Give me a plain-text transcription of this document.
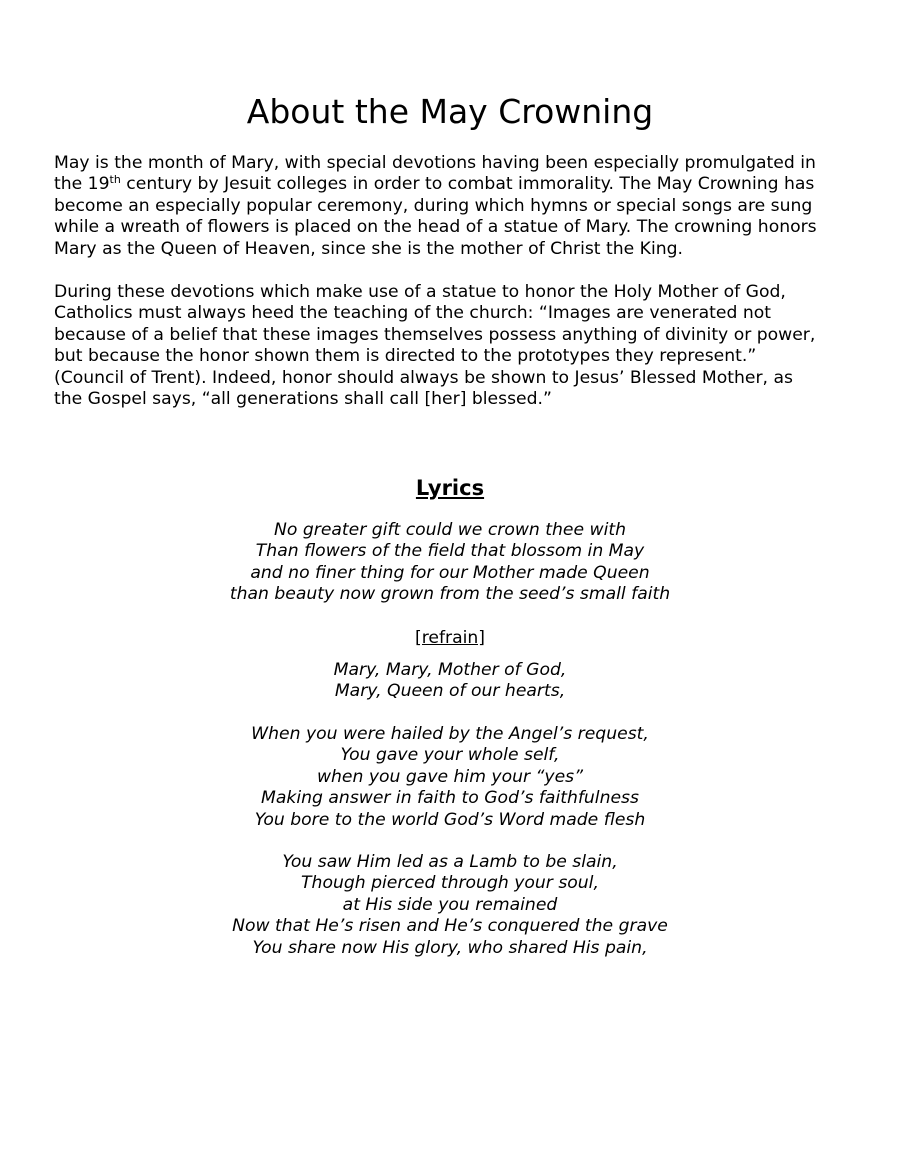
About the May Crowning

May is the month of Mary, with special devotions having been especially promulgated in
the 19th century by Jesuit colleges in order to combat immorality. The May Crowning has
become an especially popular ceremony, during which hymns or special songs are sung
while a wreath of flowers is placed on the head of a statue of Mary. The crowning honors
Mary as the Queen of Heaven, since she is the mother of Christ the King.

During these devotions which make use of a statue to honor the Holy Mother of God,
Catholics must always heed the teaching of the church: “Images are venerated not
because of a belief that these images themselves possess anything of divinity or power,
but because the honor shown them is directed to the prototypes they represent.”
(Council of Trent). Indeed, honor should always be shown to Jesus’ Blessed Mother, as
the Gospel says, “all generations shall call [her] blessed.”

Lyrics
No greater gift could we crown thee with
Than flowers of the field that blossom in May
and no finer thing for our Mother made Queen
than beauty now grown from the seed’s small faith
[refrain]
Mary, Mary, Mother of God,
Mary, Queen of our hearts,
When you were hailed by the Angel’s request,
You gave your whole self,
when you gave him your “yes”
Making answer in faith to God’s faithfulness
You bore to the world God’s Word made flesh
You saw Him led as a Lamb to be slain,
Though pierced through your soul,
at His side you remained
Now that He’s risen and He’s conquered the grave
You share now His glory, who shared His pain,
